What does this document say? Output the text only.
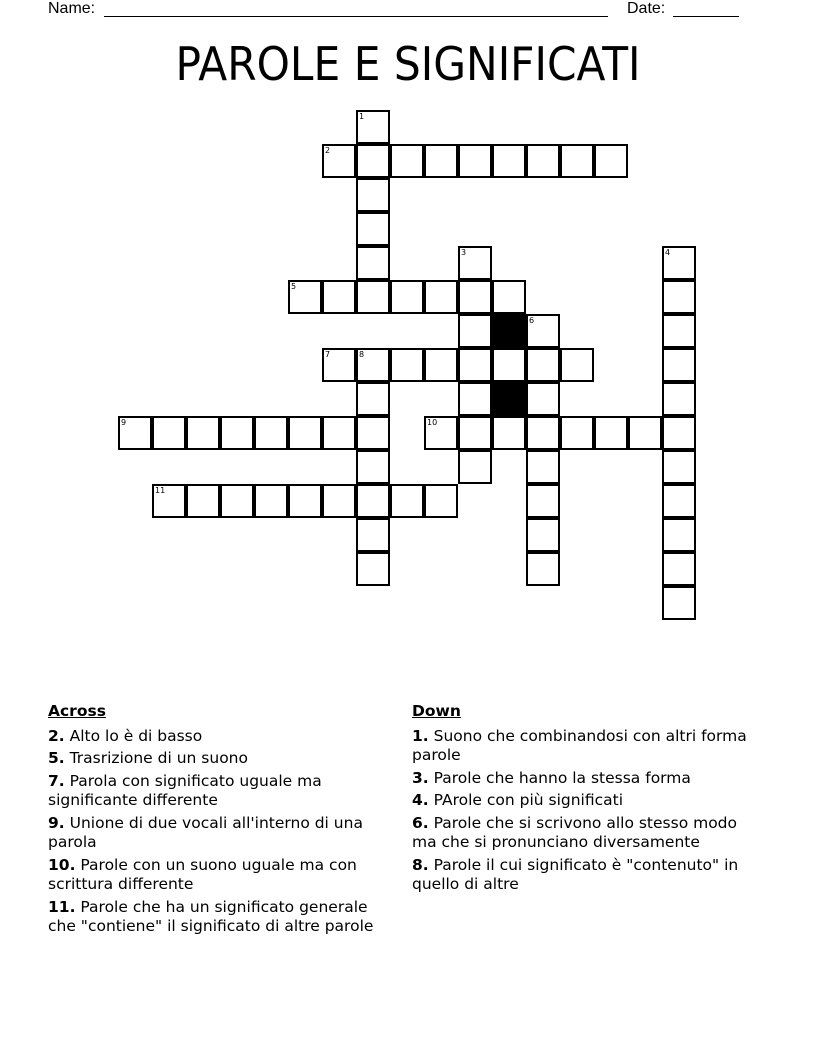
Name:	Date:
PAROLE E SIGNIFICATI
2
5
7
9	10
11
1
3	4
6
8
Across
2. Alto lo è di basso
5. Trasrizione di un suono
7. Parola con significato uguale ma significante differente
9. Unione di due vocali all'interno di una parola
10. Parole con un suono uguale ma con scrittura differente
11. Parole che ha un significato generale che "contiene" il significato di altre parole
Down
1. Suono che combinandosi con altri forma parole
3. Parole che hanno la stessa forma
4. PArole con più significati
6. Parole che si scrivono allo stesso modo ma che si pronunciano diversamente
8. Parole il cui significato è "contenuto" in quello di altre
